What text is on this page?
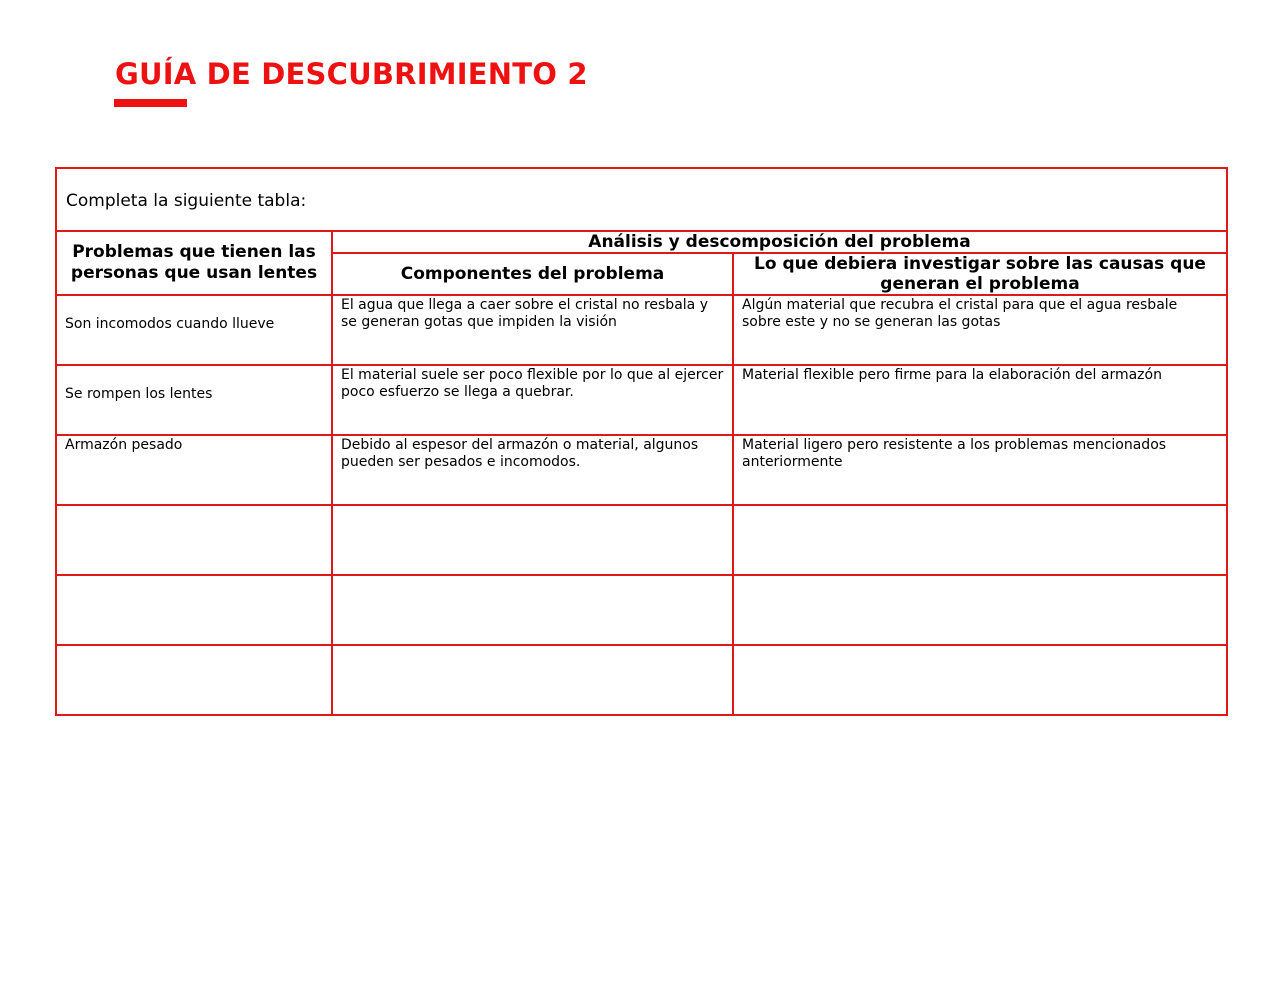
GUÍA DE DESCUBRIMIENTO 2
Completa la siguiente tabla:		
Problemas que tienen las personas que usan lentes	Análisis y descomposición del problema	
	Componentes del problema	Lo que debiera investigar sobre las causas que generan el problema
Son incomodos cuando llueve	El agua que llega a caer sobre el cristal no resbala y se generan gotas que impiden la visión	Algún material que recubra el cristal para que el agua resbale sobre este y no se generan las gotas
Se rompen los lentes	El material suele ser poco flexible por lo que al ejercer poco esfuerzo se llega a quebrar.	Material flexible pero firme para la elaboración del armazón
Armazón pesado	Debido al espesor del armazón o material, algunos pueden ser pesados e incomodos.	Material ligero pero resistente a los problemas mencionados anteriormente
